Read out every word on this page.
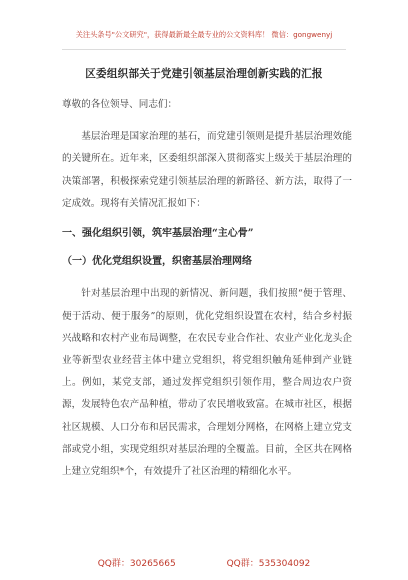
关注头条号"公文研究"，获得最新最全最专业的公文资料库！ 微信：gongwenyj
区委组织部关于党建引领基层治理创新实践的汇报

尊敬的各位领导、同志们：

基层治理是国家治理的基石，而党建引领则是提升基层治理效能的关键所在。近年来，区委组织部深入贯彻落实上级关于基层治理的决策部署，积极探索党建引领基层治理的新路径、新方法，取得了一定成效。现将有关情况汇报如下：

一、强化组织引领，筑牢基层治理“主心骨”

（一）优化党组织设置，织密基层治理网络

针对基层治理中出现的新情况、新问题，我们按照“便于管理、便于活动、便于服务”的原则，优化党组织设置在农村，结合乡村振兴战略和农村产业布局调整，在农民专业合作社、农业产业化龙头企业等新型农业经营主体中建立党组织，将党组织触角延伸到产业链上。例如，某党支部，通过发挥党组织引领作用，整合周边农户资源，发展特色农产品种植，带动了农民增收致富。在城市社区，根据社区规模、人口分布和居民需求，合理划分网格，在网格上建立党支部或党小组，实现党组织对基层治理的全覆盖。目前，全区共在网格上建立党组织*个，有效提升了社区治理的精细化水平。

QQ群：30265665	QQ群：535304092
